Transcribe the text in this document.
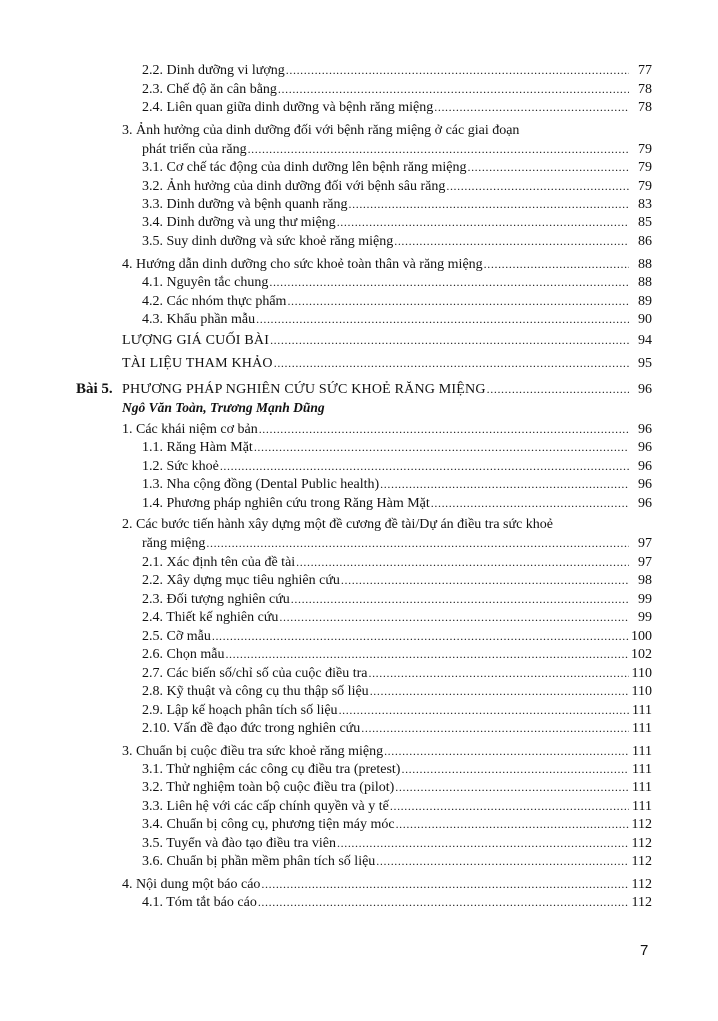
2.2. Dinh dưỡng vi lượng . . .	77
2.3. Chế độ ăn cân bằng . . .	78
2.4. Liên quan giữa dinh dưỡng và bệnh răng miệng . . .	78
3. Ảnh hưởng của dinh dưỡng đối với bệnh răng miệng ở các giai đoạn
phát triển của răng . . .	79
3.1. Cơ chế tác động của dinh dưỡng lên bệnh răng miệng . . .	79
3.2. Ảnh hưởng của dinh dưỡng đối với bệnh sâu răng . . .	79
3.3. Dinh dưỡng và bệnh quanh răng . . .	83
3.4. Dinh dưỡng và ung thư miệng . . .	85
3.5. Suy dinh dưỡng và sức khoẻ răng miệng . . .	86
4. Hướng dẫn dinh dưỡng cho sức khoẻ toàn thân và răng miệng . . .	88
4.1. Nguyên tắc chung . . .	88
4.2. Các nhóm thực phẩm . . .	89
4.3. Khẩu phần mẫu . . .	90
LƯỢNG GIÁ CUỐI BÀI . . .	94
TÀI LIỆU THAM KHẢO . . .	95
Bài 5. PHƯƠNG PHÁP NGHIÊN CỨU SỨC KHOẺ RĂNG MIỆNG . . .	96
Ngô Văn Toàn, Trương Mạnh Dũng
1. Các khái niệm cơ bản . . .	96
1.1. Răng Hàm Mặt . . .	96
1.2. Sức khoẻ . . .	96
1.3. Nha cộng đồng (Dental Public health) . . .	96
1.4. Phương pháp nghiên cứu trong Răng Hàm Mặt . . .	96
2. Các bước tiến hành xây dựng một đề cương đề tài/Dự án điều tra sức khoẻ
răng miệng . . .	97
2.1. Xác định tên của đề tài . . .	97
2.2. Xây dựng mục tiêu nghiên cứu . . .	98
2.3. Đối tượng nghiên cứu . . .	99
2.4. Thiết kế nghiên cứu . . .	99
2.5. Cỡ mẫu . . .	100
2.6. Chọn mẫu . . .	102
2.7. Các biến số/chỉ số của cuộc điều tra . . .	110
2.8. Kỹ thuật và công cụ thu thập số liệu . . .	110
2.9. Lập kế hoạch phân tích số liệu . . .	111
2.10. Vấn đề đạo đức trong nghiên cứu . . .	111
3. Chuẩn bị cuộc điều tra sức khoẻ răng miệng . . .	111
3.1. Thử nghiệm các công cụ điều tra (pretest) . . .	111
3.2. Thử nghiệm toàn bộ cuộc điều tra (pilot) . . .	111
3.3. Liên hệ với các cấp chính quyền và y tế . . .	111
3.4. Chuẩn bị công cụ, phương tiện máy móc . . .	112
3.5. Tuyển và đào tạo điều tra viên . . .	112
3.6. Chuẩn bị phần mềm phân tích số liệu . . .	112
4. Nội dung một báo cáo . . .	112
4.1. Tóm tắt báo cáo . . .	112
7
